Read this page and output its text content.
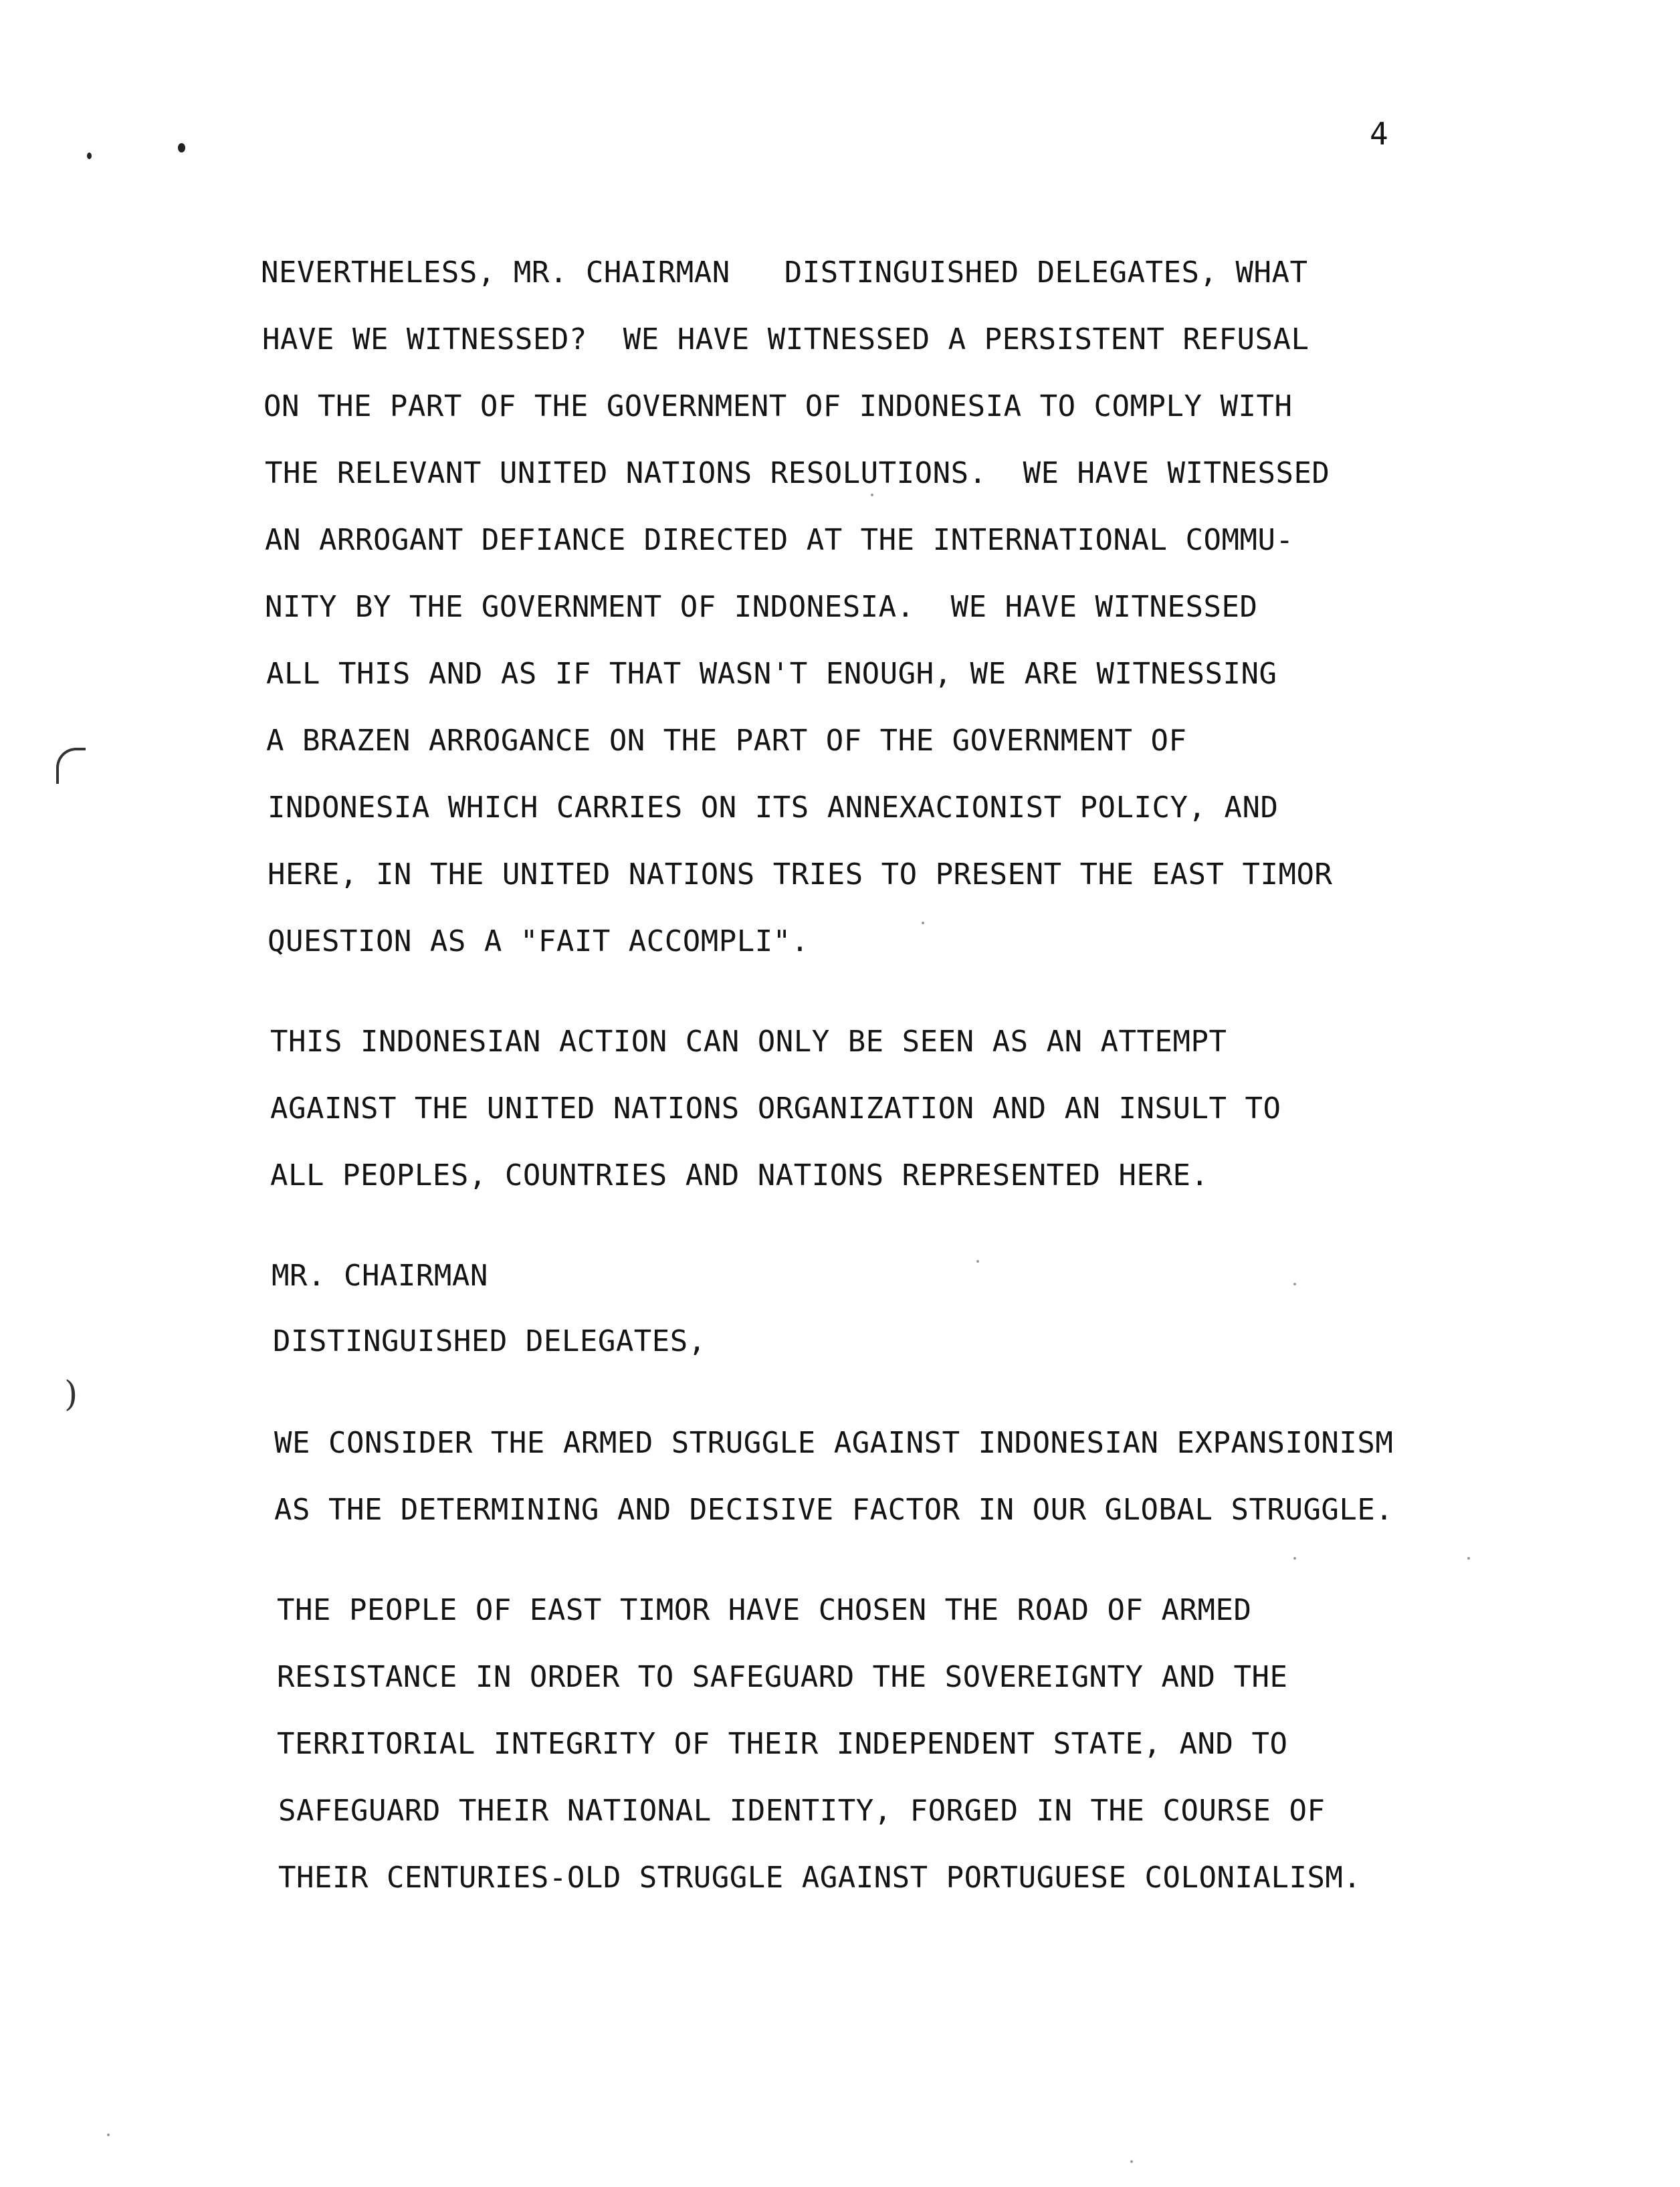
)
4
NEVERTHELESS, MR. CHAIRMAN   DISTINGUISHED DELEGATES, WHAT
HAVE WE WITNESSED?  WE HAVE WITNESSED A PERSISTENT REFUSAL
ON THE PART OF THE GOVERNMENT OF INDONESIA TO COMPLY WITH
THE RELEVANT UNITED NATIONS RESOLUTIONS.  WE HAVE WITNESSED
AN ARROGANT DEFIANCE DIRECTED AT THE INTERNATIONAL COMMU-
NITY BY THE GOVERNMENT OF INDONESIA.  WE HAVE WITNESSED
ALL THIS AND AS IF THAT WASN'T ENOUGH, WE ARE WITNESSING
A BRAZEN ARROGANCE ON THE PART OF THE GOVERNMENT OF
INDONESIA WHICH CARRIES ON ITS ANNEXACIONIST POLICY, AND
HERE, IN THE UNITED NATIONS TRIES TO PRESENT THE EAST TIMOR
QUESTION AS A "FAIT ACCOMPLI".
THIS INDONESIAN ACTION CAN ONLY BE SEEN AS AN ATTEMPT
AGAINST THE UNITED NATIONS ORGANIZATION AND AN INSULT TO
ALL PEOPLES, COUNTRIES AND NATIONS REPRESENTED HERE.
MR. CHAIRMAN
DISTINGUISHED DELEGATES,
WE CONSIDER THE ARMED STRUGGLE AGAINST INDONESIAN EXPANSIONISM
AS THE DETERMINING AND DECISIVE FACTOR IN OUR GLOBAL STRUGGLE.
THE PEOPLE OF EAST TIMOR HAVE CHOSEN THE ROAD OF ARMED
RESISTANCE IN ORDER TO SAFEGUARD THE SOVEREIGNTY AND THE
TERRITORIAL INTEGRITY OF THEIR INDEPENDENT STATE, AND TO
SAFEGUARD THEIR NATIONAL IDENTITY, FORGED IN THE COURSE OF
THEIR CENTURIES-OLD STRUGGLE AGAINST PORTUGUESE COLONIALISM.
